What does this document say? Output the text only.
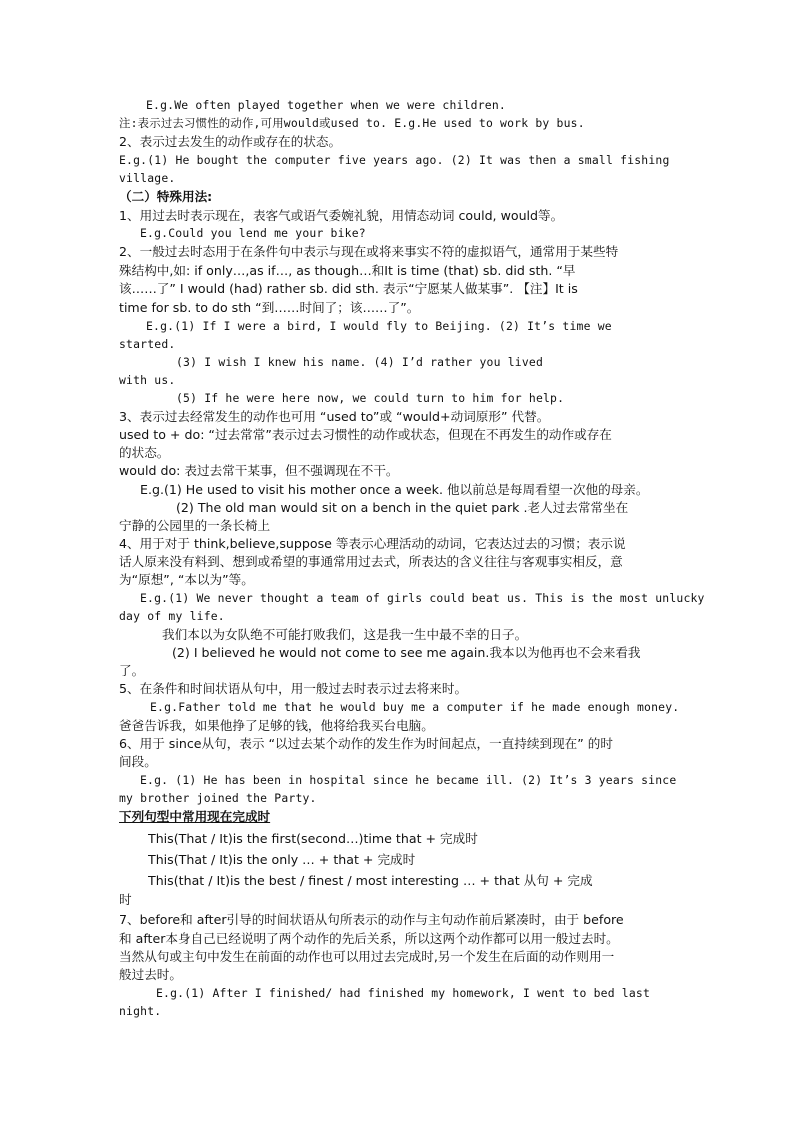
E.g.We often played together when we were children.
注:表示过去习惯性的动作,可用would或used to. E.g.He used to work by bus.
2、表示过去发生的动作或存在的状态。
E.g.(1) He bought the computer five years ago. (2) It was then a small fishing
village.
（二）特殊用法:
1、用过去时表示现在，表客气或语气委婉礼貌，用情态动词 could, would等。
E.g.Could you lend me your bike?
2、一般过去时态用于在条件句中表示与现在或将来事实不符的虚拟语气，通常用于某些特
殊结构中,如: if only…,as if…, as though…和It is time (that) sb. did sth. “早
该……了” I would (had) rather sb. did sth. 表示“宁愿某人做某事”. 【注】It is
time for sb. to do sth “到……时间了；该……了”。
E.g.(1) If I were a bird, I would fly to Beijing. (2) It’s time we
started.
(3) I wish I knew his name. (4) I’d rather you lived
with us.
(5) If he were here now, we could turn to him for help.
3、表示过去经常发生的动作也可用 “used to”或 “would+动词原形” 代替。
used to + do: “过去常常”表示过去习惯性的动作或状态，但现在不再发生的动作或存在
的状态。
would do: 表过去常干某事，但不强调现在不干。
E.g.(1) He used to visit his mother once a week. 他以前总是每周看望一次他的母亲。
(2) The old man would sit on a bench in the quiet park .老人过去常常坐在
宁静的公园里的一条长椅上
4、用于对于 think,believe,suppose 等表示心理活动的动词，它表达过去的习惯；表示说
话人原来没有料到、想到或希望的事通常用过去式，所表达的含义往往与客观事实相反，意
为“原想”, “本以为”等。
E.g.(1) We never thought a team of girls could beat us. This is the most unlucky
day of my life.
我们本以为女队绝不可能打败我们，这是我一生中最不幸的日子。
(2) I believed he would not come to see me again.我本以为他再也不会来看我
了。
5、在条件和时间状语从句中，用一般过去时表示过去将来时。
E.g.Father told me that he would buy me a computer if he made enough money.
爸爸告诉我，如果他挣了足够的钱，他将给我买台电脑。
6、用于 since从句，表示 “以过去某个动作的发生作为时间起点，一直持续到现在” 的时
间段。
E.g. (1) He has been in hospital since he became ill. (2) It’s 3 years since
my brother joined the Party.
下列句型中常用现在完成时
This(That / It)is the first(second…)time that + 完成时
This(That / It)is the only … + that + 完成时
This(that / It)is the best / finest / most interesting … + that 从句 + 完成
时
7、before和 after引导的时间状语从句所表示的动作与主句动作前后紧凑时，由于 before
和 after本身自己已经说明了两个动作的先后关系，所以这两个动作都可以用一般过去时。
当然从句或主句中发生在前面的动作也可以用过去完成时,另一个发生在后面的动作则用一
般过去时。
E.g.(1) After I finished/ had finished my homework, I went to bed last
night.
